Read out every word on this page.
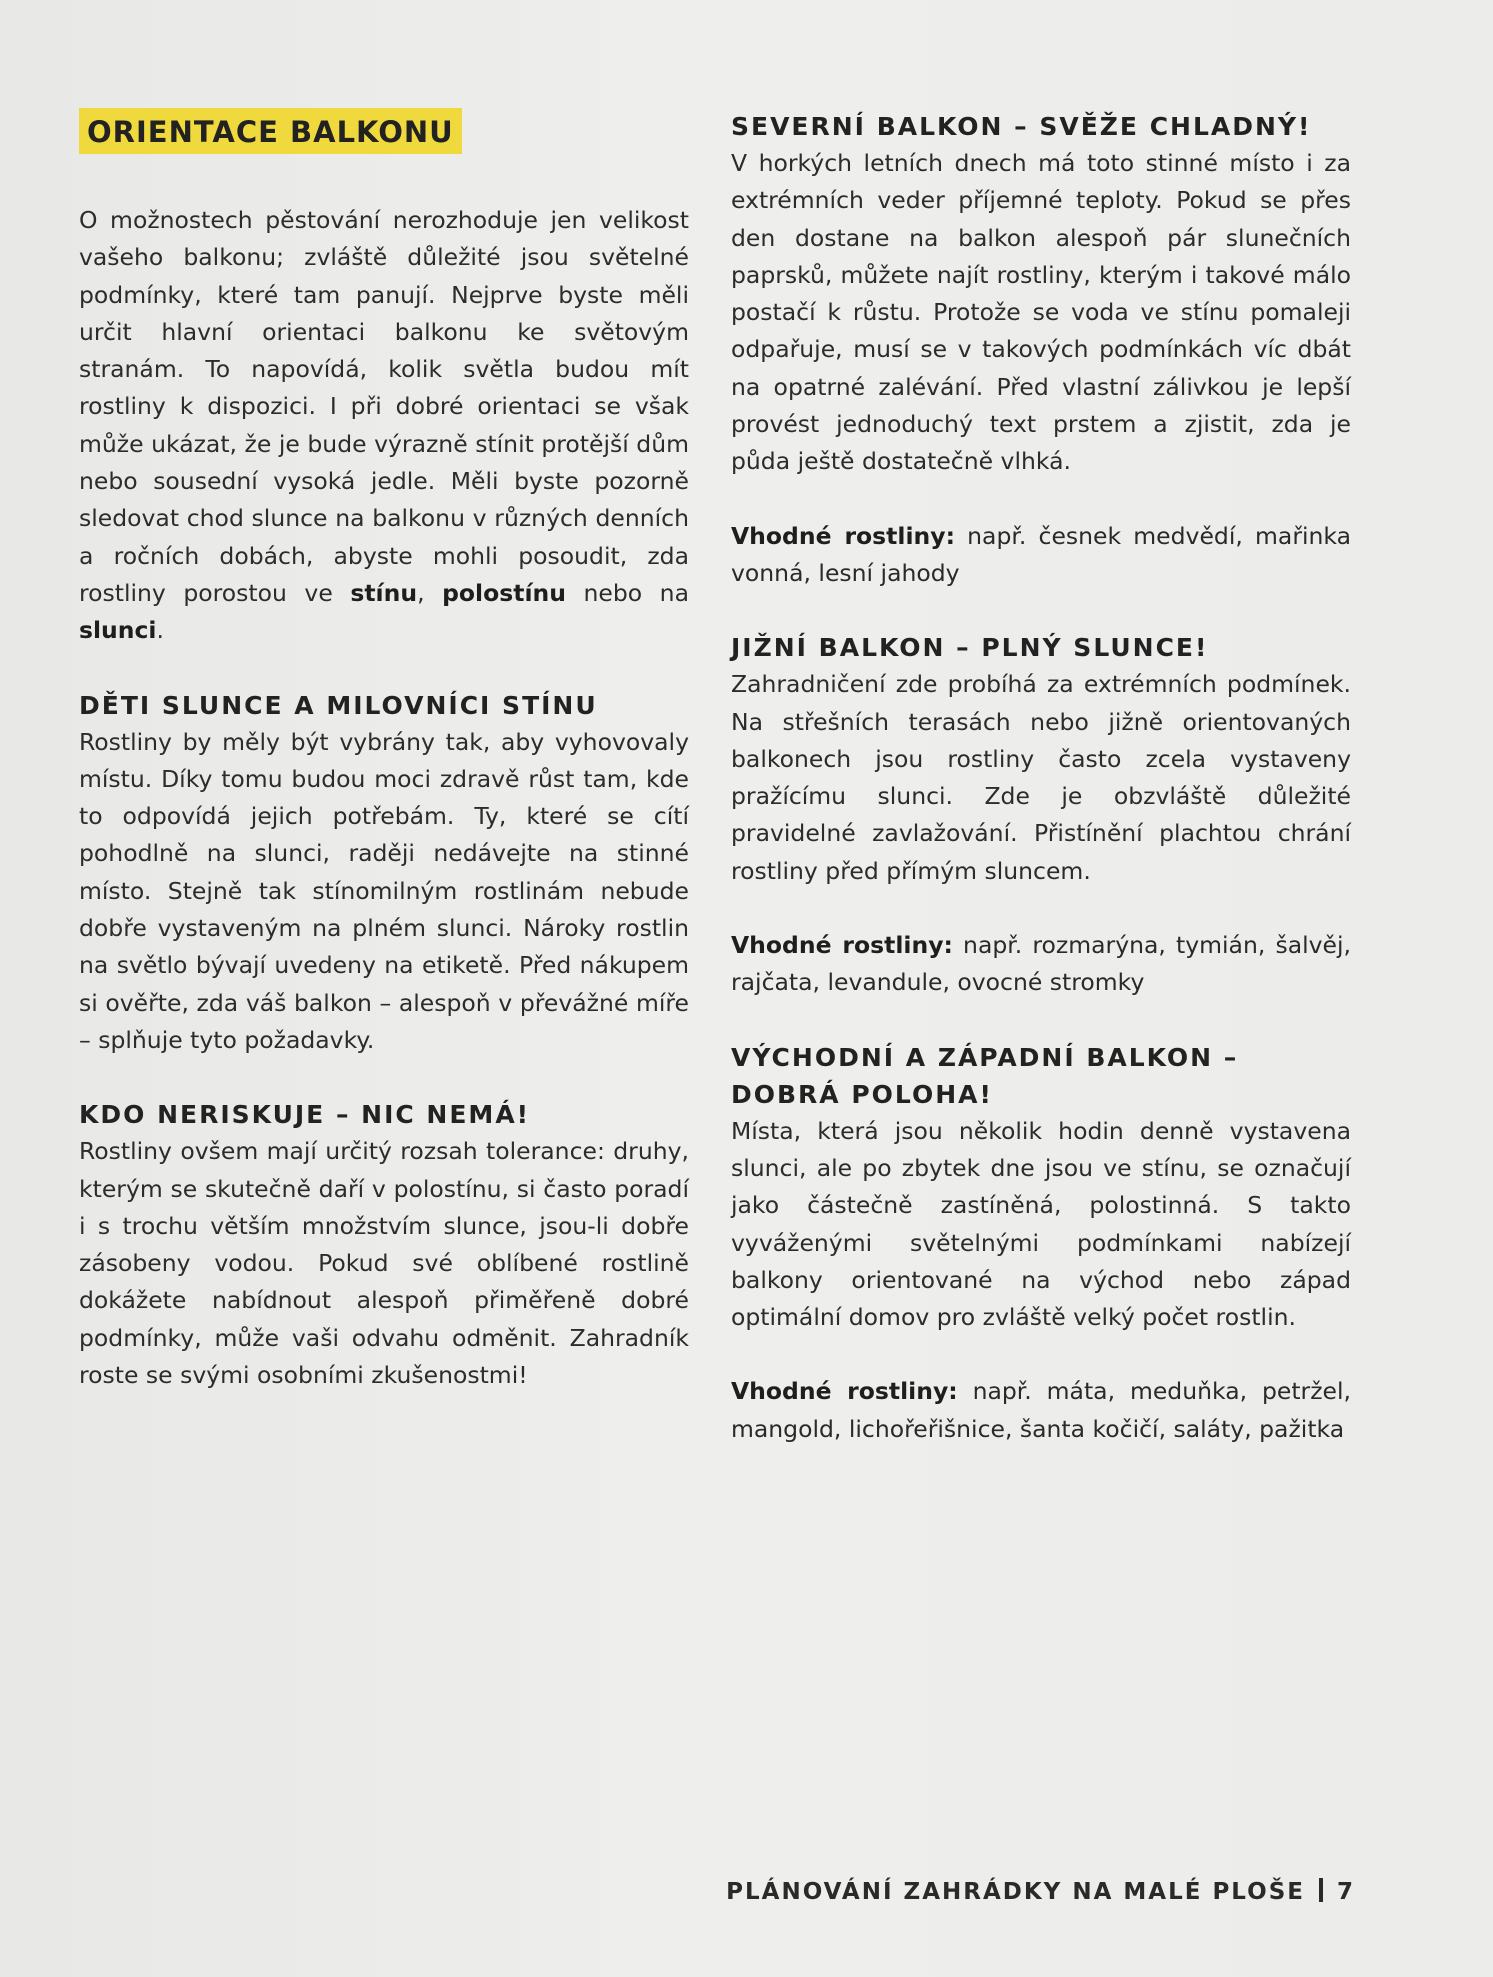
ORIENTACE BALKONU

O možnostech pěstování nerozhoduje jen velikost vašeho balkonu; zvláště důležité jsou světelné podmínky, které tam panují. Nejprve byste měli určit hlavní orientaci balkonu ke světovým stranám. To napovídá, kolik světla budou mít rostliny k dispozici. I při dobré orientaci se však může ukázat, že je bude výrazně stínit protější dům nebo sousední vysoká jedle. Měli byste pozorně sledovat chod slunce na balkonu v různých denních a ročních dobách, abyste mohli posoudit, zda rostliny porostou ve stínu, polostínu nebo na slunci.

DĚTI SLUNCE A MILOVNÍCI STÍNU

Rostliny by měly být vybrány tak, aby vyhovovaly místu. Díky tomu budou moci zdravě růst tam, kde to odpovídá jejich potřebám. Ty, které se cítí pohodlně na slunci, raději nedávejte na stinné místo. Stejně tak stínomilným rostlinám nebude dobře vystaveným na plném slunci. Nároky rostlin na světlo bývají uvedeny na etiketě. Před nákupem si ověřte, zda váš balkon – alespoň v převážné míře – splňuje tyto požadavky.

KDO NERISKUJE – NIC NEMÁ!

Rostliny ovšem mají určitý rozsah tolerance: druhy, kterým se skutečně daří v polostínu, si často poradí i s trochu větším množstvím slunce, jsou-li dobře zásobeny vodou. Pokud své oblíbené rostlině dokážete nabídnout alespoň přiměřeně dobré podmínky, může vaši odvahu odměnit. Zahradník roste se svými osobními zkušenostmi!

SEVERNÍ BALKON – SVĚŽE CHLADNÝ!

V horkých letních dnech má toto stinné místo i za extrémních veder příjemné teploty. Pokud se přes den dostane na balkon alespoň pár slunečních paprsků, můžete najít rostliny, kterým i takové málo postačí k růstu. Protože se voda ve stínu pomaleji odpařuje, musí se v takových podmínkách víc dbát na opatrné zalévání. Před vlastní zálivkou je lepší provést jednoduchý text prstem a zjistit, zda je půda ještě dostatečně vlhká.

Vhodné rostliny: např. česnek medvědí, mařinka vonná, lesní jahody

JIŽNÍ BALKON – PLNÝ SLUNCE!

Zahradničení zde probíhá za extrémních podmínek. Na střešních terasách nebo jižně orientovaných balkonech jsou rostliny často zcela vystaveny pražícímu slunci. Zde je obzvláště důležité pravidelné zavlažování. Přistínění plachtou chrání rostliny před přímým sluncem.

Vhodné rostliny: např. rozmarýna, tymián, šalvěj, rajčata, levandule, ovocné stromky

VÝCHODNÍ A ZÁPADNÍ BALKON – DOBRÁ POLOHA!

Místa, která jsou několik hodin denně vystavena slunci, ale po zbytek dne jsou ve stínu, se označují jako částečně zastíněná, polostinná. S takto vyváženými světelnými podmínkami nabízejí balkony orientované na východ nebo západ optimální domov pro zvláště velký počet rostlin.

Vhodné rostliny: např. máta, meduňka, petržel, mangold, lichořeřišnice, šanta kočičí, saláty, pažitka

PLÁNOVÁNÍ ZAHRÁDKY NA MALÉ PLOŠE 7
